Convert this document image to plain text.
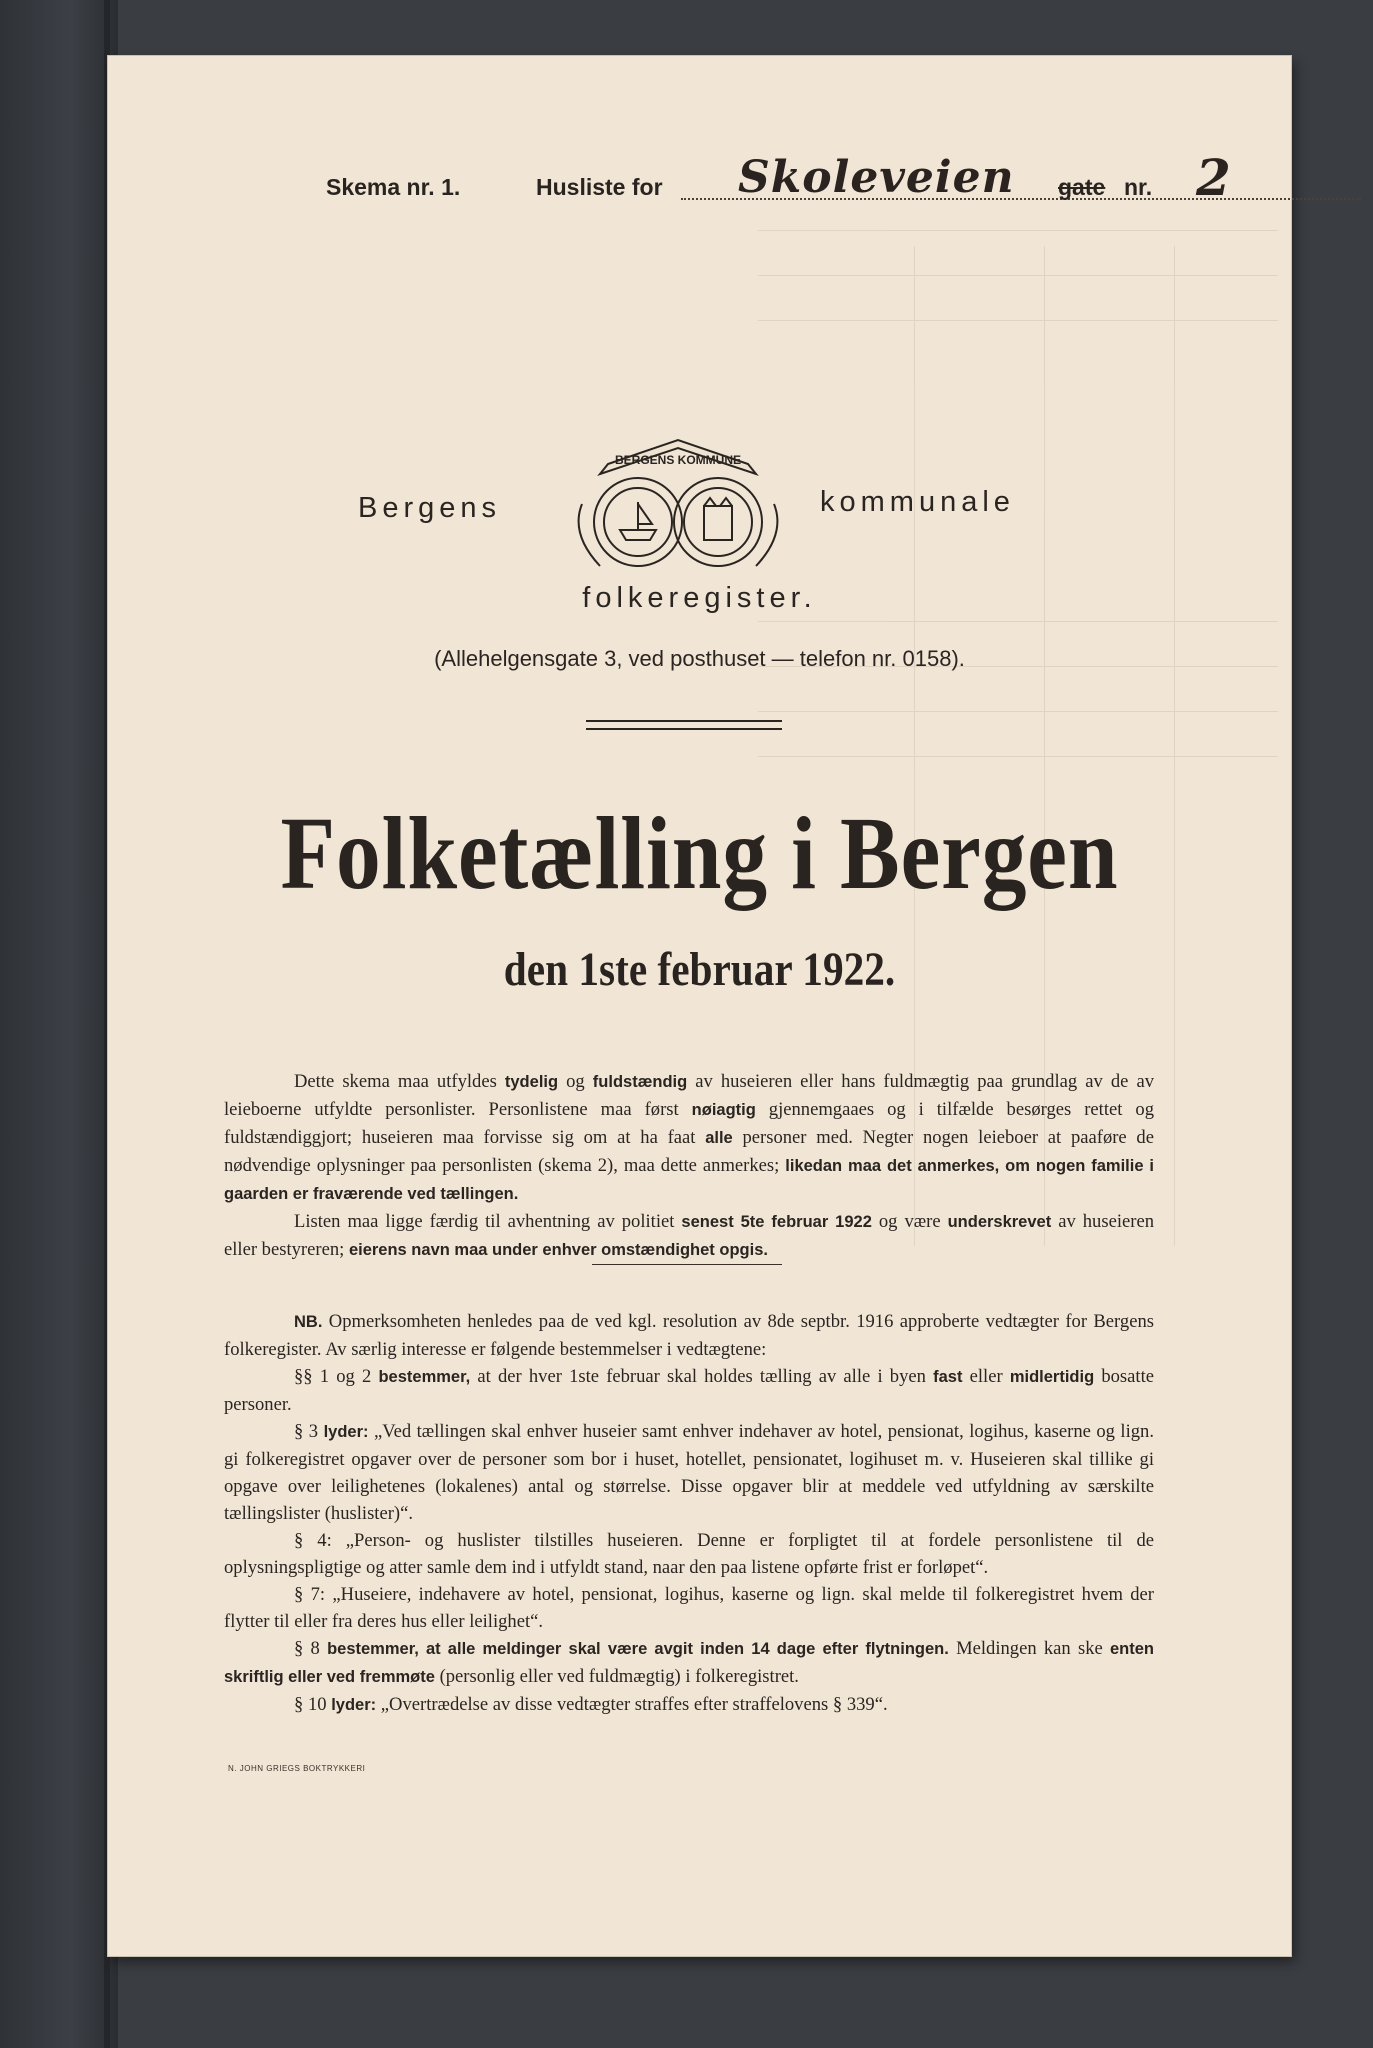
Skema nr. 1.	Husliste for Skoleveien gate nr. 2
Bergens
BERGENS KOMMUNE
kommunale
folkeregister.
(Allehelgensgate 3, ved posthuset — telefon nr. 0158).
Folketælling i Bergen
den 1ste februar 1922.

Dette skema maa utfyldes tydelig og fuldstændig av huseieren eller hans fuldmægtig paa grundlag av de av leieboerne utfyldte personlister. Personlistene maa først nøiagtig gjennemgaaes og i tilfælde besørges rettet og fuldstændiggjort; huseieren maa forvisse sig om at ha faat alle personer med. Negter nogen leieboer at paaføre de nødvendige oplysninger paa personlisten (skema 2), maa dette anmerkes; likedan maa det anmerkes, om nogen familie i gaarden er fraværende ved tællingen.

Listen maa ligge færdig til avhentning av politiet senest 5te februar 1922 og være underskrevet av huseieren eller bestyreren; eierens navn maa under enhver omstændighet opgis.

NB. Opmerksomheten henledes paa de ved kgl. resolution av 8de septbr. 1916 approberte vedtægter for Bergens folkeregister. Av særlig interesse er følgende bestemmelser i vedtægtene:

§§ 1 og 2 bestemmer, at der hver 1ste februar skal holdes tælling av alle i byen fast eller midlertidig bosatte personer.

§ 3 lyder: „Ved tællingen skal enhver huseier samt enhver indehaver av hotel, pensionat, logihus, kaserne og lign. gi folkeregistret opgaver over de personer som bor i huset, hotellet, pensionatet, logihuset m. v. Huseieren skal tillike gi opgave over leilighetenes (lokalenes) antal og størrelse. Disse opgaver blir at meddele ved utfyldning av særskilte tællingslister (huslister)“.

§ 4: „Person- og huslister tilstilles huseieren. Denne er forpligtet til at fordele personlistene til de oplysningspligtige og atter samle dem ind i utfyldt stand, naar den paa listene opførte frist er forløpet“.

§ 7: „Huseiere, indehavere av hotel, pensionat, logihus, kaserne og lign. skal melde til folkeregistret hvem der flytter til eller fra deres hus eller leilighet“.

§ 8 bestemmer, at alle meldinger skal være avgit inden 14 dage efter flytningen. Meldingen kan ske enten skriftlig eller ved fremmøte (personlig eller ved fuldmægtig) i folkeregistret.

§ 10 lyder: „Overtrædelse av disse vedtægter straffes efter straffelovens § 339“.

N. JOHN GRIEGS BOKTRYKKERI
